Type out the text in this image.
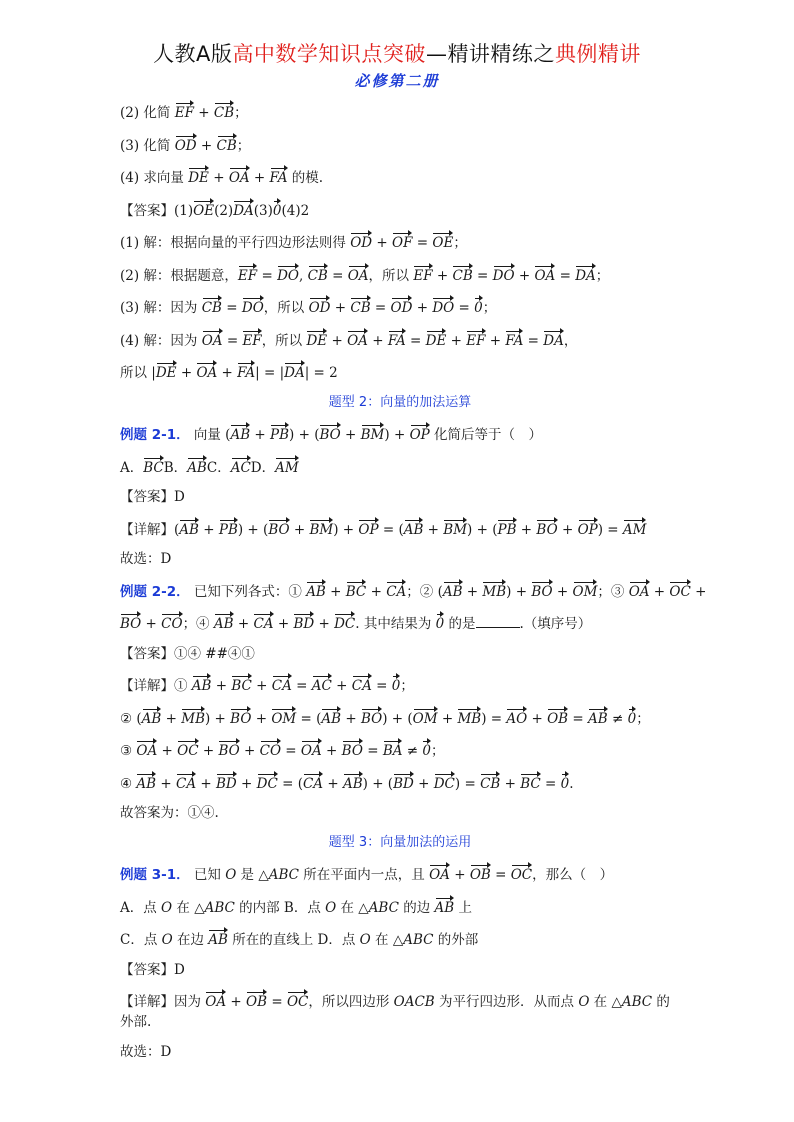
人教A版高中数学知识点突破—精讲精练之典例精讲
必修第二册
(2) 化简 EF + CB；
(3) 化简 OD + CB；
(4) 求向量 DE + OA + FA 的模.
【答案】(1)OE(2)DA(3)0(4)2
(1) 解：根据向量的平行四边形法则得 OD + OF = OE；
(2) 解：根据题意，EF = DO, CB = OA，所以 EF + CB = DO + OA = DA；
(3) 解：因为 CB = DO，所以 OD + CB = OD + DO = 0；
(4) 解：因为 OA = EF，所以 DE + OA + FA = DE + EF + FA = DA，
所以 |DE + OA + FA| = |DA| = 2
题型 2：向量的加法运算
例题 2-1． 向量 (AB + PB) + (BO + BM) + OP 化简后等于（　）
A．BCB．ABC．ACD．AM
【答案】D
【详解】(AB + PB) + (BO + BM) + OP = (AB + BM) + (PB + BO + OP) = AM
故选：D
例题 2-2． 已知下列各式：① AB + BC + CA；② (AB + MB) + BO + OM；③ OA + OC +
BO + CO；④ AB + CA + BD + DC. 其中结果为 0 的是	.（填序号）
【答案】①④ ##④①
【详解】① AB + BC + CA = AC + CA = 0；
② (AB + MB) + BO + OM = (AB + BO) + (OM + MB) = AO + OB = AB ≠ 0；
③ OA + OC + BO + CO = OA + BO = BA ≠ 0；
④ AB + CA + BD + DC = (CA + AB) + (BD + DC) = CB + BC = 0.
故答案为：①④.
题型 3：向量加法的运用
例题 3-1． 已知 O 是 △ABC 所在平面内一点，且 OA + OB = OC，那么（　）
A．点 O 在 △ABC 的内部 B．点 O 在 △ABC 的边 AB 上
C．点 O 在边 AB 所在的直线上 D．点 O 在 △ABC 的外部
【答案】D
【详解】因为 OA + OB = OC，所以四边形 OACB 为平行四边形．从而点 O 在 △ABC 的外部.
故选：D
